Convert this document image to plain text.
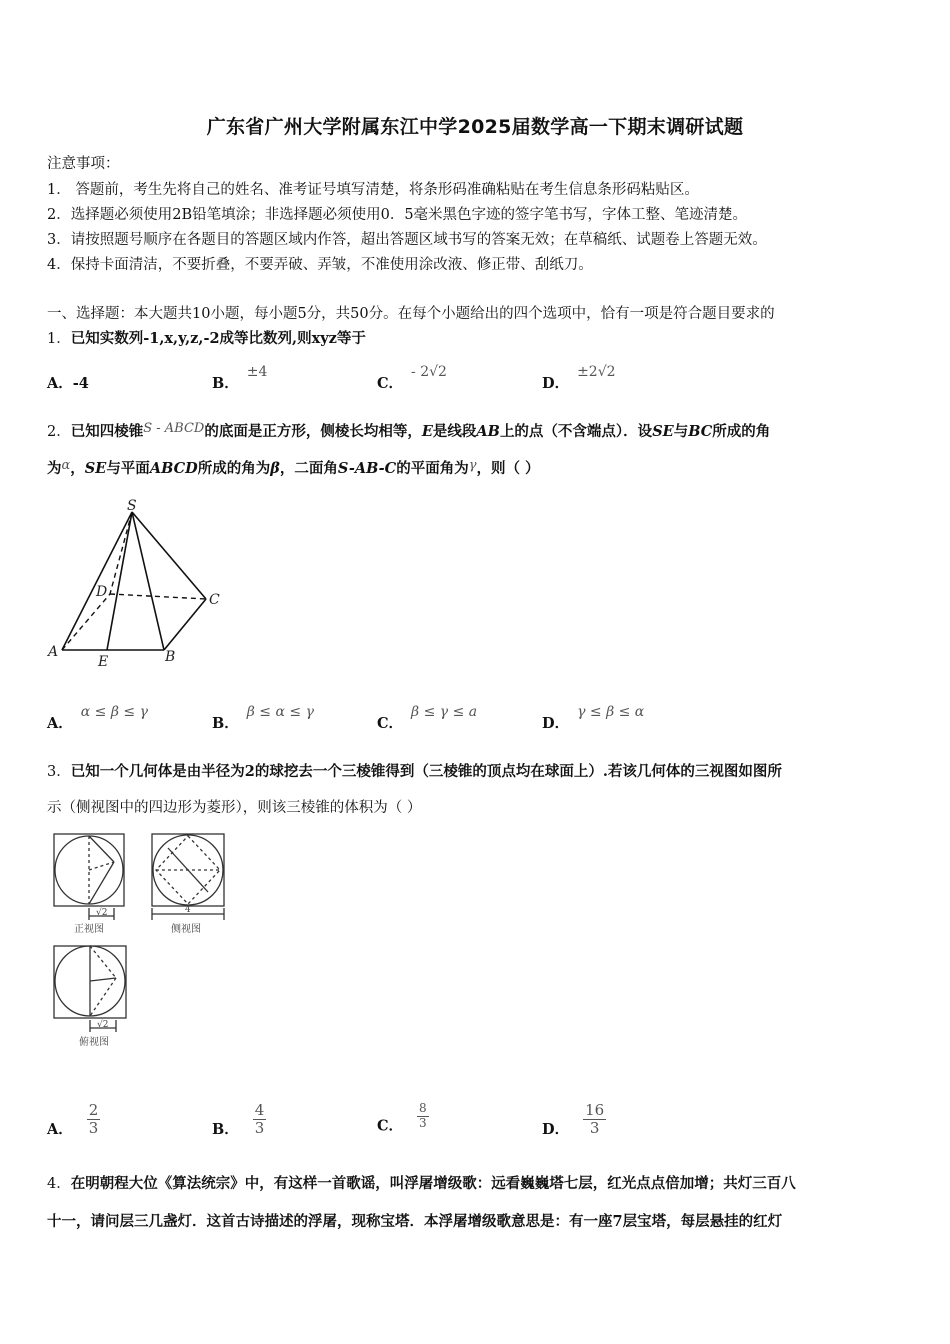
广东省广州大学附属东江中学2025届数学高一下期末调研试题
注意事项：
1． 答题前，考生先将自己的姓名、准考证号填写清楚，将条形码准确粘贴在考生信息条形码粘贴区。
2．选择题必须使用2B铅笔填涂；非选择题必须使用0．5毫米黑色字迹的签字笔书写，字体工整、笔迹清楚。
3．请按照题号顺序在各题目的答题区域内作答，超出答题区域书写的答案无效；在草稿纸、试题卷上答题无效。
4．保持卡面清洁，不要折叠，不要弄破、弄皱，不准使用涂改液、修正带、刮纸刀。
一、选择题：本大题共10小题，每小题5分，共50分。在每个小题给出的四个选项中，恰有一项是符合题目要求的
1．已知实数列-1,x,y,z,-2成等比数列,则xyz等于
A．-4	B．±4
C．- 2√2
D．±2√2
2．已知四棱锥S - ABCD的底面是正方形，侧棱长均相等，E是线段AB上的点（不含端点）．设SE与BC所成的角
为α，SE与平面ABCD所成的角为β，二面角S-AB-C的平面角为γ，则（ ）
S
D	C
A
E	B
A．α ≤ β ≤ γ
B．β ≤ α ≤ γ
C．β ≤ γ ≤ a
D．γ ≤ β ≤ α
3．已知一个几何体是由半径为2的球挖去一个三棱锥得到（三棱锥的顶点均在球面上）.若该几何体的三视图如图所
示（侧视图中的四边形为菱形），则该三棱锥的体积为（ ）
√2	4
√2
正视图	侧视图
俯视图
A． $\frac{2}{3}$	B． $\frac{4}{3}$	C． $\frac{8}{3}$	D． $\frac{16}{3}$
4．在明朝程大位《算法统宗》中，有这样一首歌谣，叫浮屠增级歌：远看巍巍塔七层，红光点点倍加增；共灯三百八
十一，请问层三几盏灯．这首古诗描述的浮屠，现称宝塔．本浮屠增级歌意思是：有一座7层宝塔，每层悬挂的红灯
